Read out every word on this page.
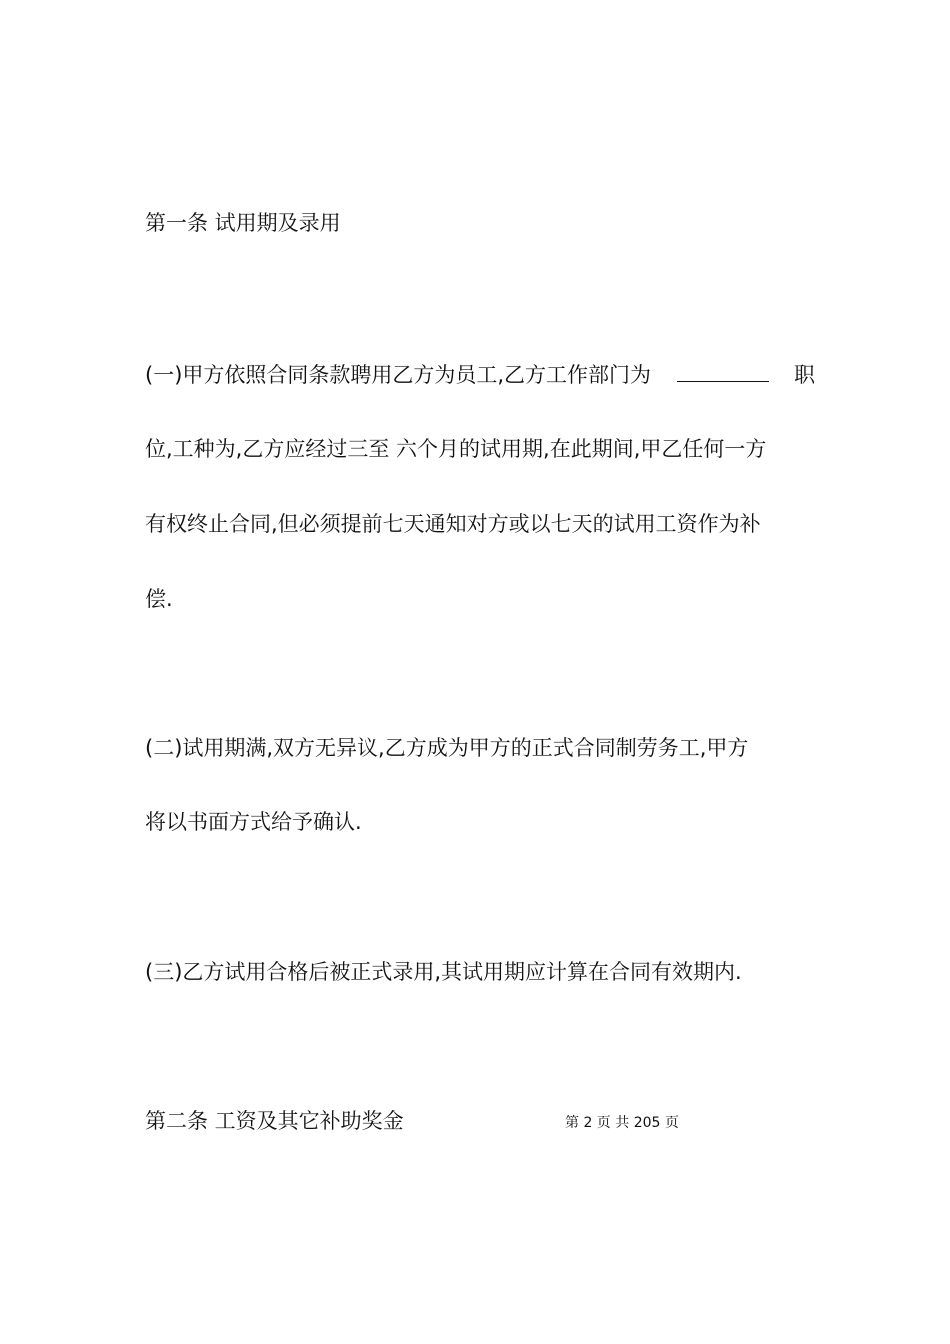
第一条 试用期及录用
(一)甲方依照合同条款聘用乙方为员工,乙方工作部门为	职
位,工种为,乙方应经过三至 六个月的试用期,在此期间,甲乙任何一方
有权终止合同,但必须提前七天通知对方或以七天的试用工资作为补
偿.
(二)试用期满,双方无异议,乙方成为甲方的正式合同制劳务工,甲方
将以书面方式给予确认.
(三)乙方试用合格后被正式录用,其试用期应计算在合同有效期内.
第二条 工资及其它补助奖金	第 2 页 共 205 页
